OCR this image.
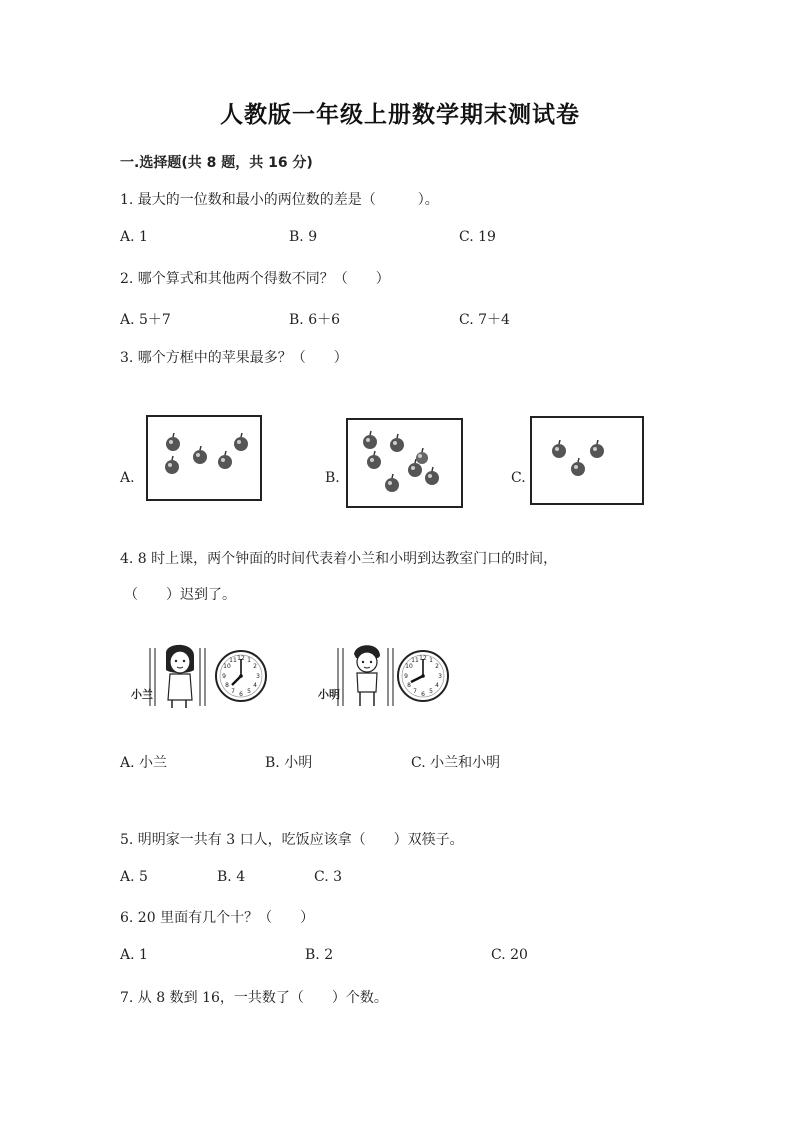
人教版一年级上册数学期末测试卷
一.选择题(共 8 题，共 16 分)
1. 最大的一位数和最小的两位数的差是（　　　）。
A. 1	B. 9	C. 19
2. 哪个算式和其他两个得数不同？（　　）
A. 5＋7	B. 6＋6	C. 7＋4
3. 哪个方框中的苹果最多？（　　）
A.	B.	C.
4. 8 时上课，两个钟面的时间代表着小兰和小明到达教室门口的时间，
（　　）迟到了。
小兰
12 1
2
3
4
5
6
7
8
9
10
11
小明
12 1
2
3
4
5
6
7
8
9
10
11
A. 小兰	B. 小明	C. 小兰和小明
5. 明明家一共有 3 口人，吃饭应该拿（　　）双筷子。
A. 5	B. 4	C. 3
6. 20 里面有几个十？（　　）
A. 1	B. 2	C. 20
7. 从 8 数到 16，一共数了（　　）个数。
